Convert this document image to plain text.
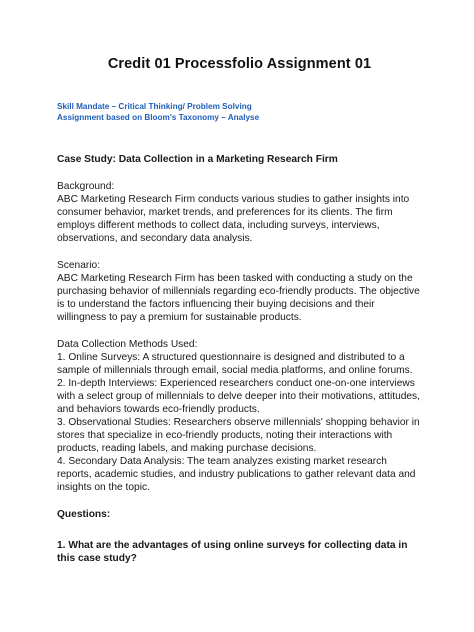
Credit 01 Processfolio Assignment 01
Skill Mandate – Critical Thinking/ Problem Solving
Assignment based on Bloom's Taxonomy – Analyse
Case Study: Data Collection in a Marketing Research Firm

Background:

ABC Marketing Research Firm conducts various studies to gather insights into consumer behavior, market trends, and preferences for its clients. The firm employs different methods to collect data, including surveys, interviews, observations, and secondary data analysis.

Scenario:

ABC Marketing Research Firm has been tasked with conducting a study on the purchasing behavior of millennials regarding eco-friendly products. The objective is to understand the factors influencing their buying decisions and their willingness to pay a premium for sustainable products.

Data Collection Methods Used:

1. Online Surveys: A structured questionnaire is designed and distributed to a sample of millennials through email, social media platforms, and online forums.

2. In-depth Interviews: Experienced researchers conduct one-on-one interviews with a select group of millennials to delve deeper into their motivations, attitudes, and behaviors towards eco-friendly products.

3. Observational Studies: Researchers observe millennials' shopping behavior in stores that specialize in eco-friendly products, noting their interactions with products, reading labels, and making purchase decisions.

4. Secondary Data Analysis: The team analyzes existing market research reports, academic studies, and industry publications to gather relevant data and insights on the topic.

Questions:
1. What are the advantages of using online surveys for collecting data in this case study?
